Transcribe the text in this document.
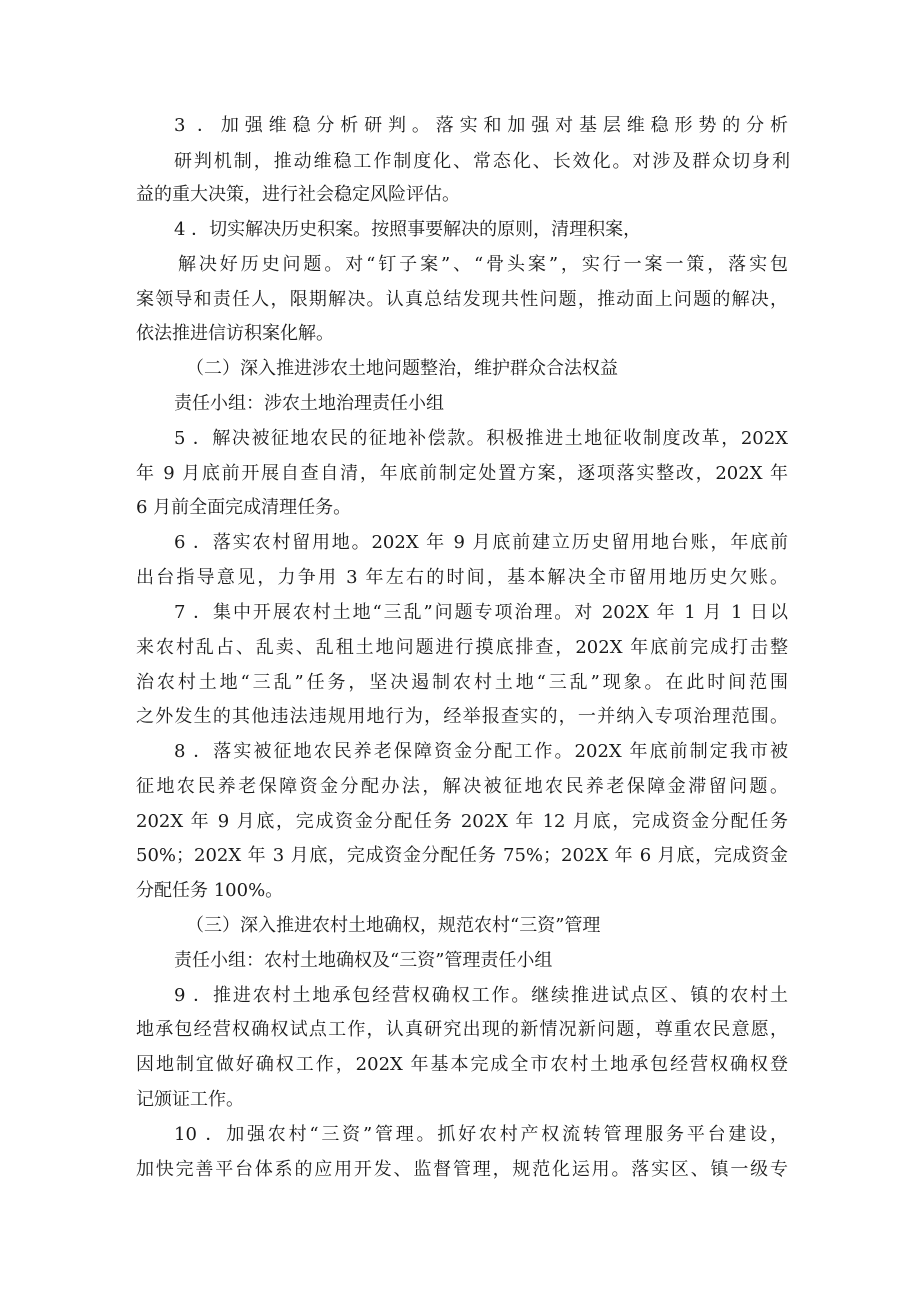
3 ．加强维稳分析研判。落实和加强对基层维稳形势的分析
研判机制，推动维稳工作制度化、常态化、长效化。对涉及群众切身利
益的重大决策，进行社会稳定风险评估。
4 ．切实解决历史积案。按照事要解决的原则，清理积案，
解决好历史问题。对“钉子案”、“骨头案”，实行一案一策，落实包
案领导和责任人，限期解决。认真总结发现共性问题，推动面上问题的解决，
依法推进信访积案化解。
（二）深入推进涉农土地问题整治，维护群众合法权益
责任小组：涉农土地治理责任小组
5 ．解决被征地农民的征地补偿款。积极推进土地征收制度改革，202X
年 9 月底前开展自查自清，年底前制定处置方案，逐项落实整改，202X 年
6 月前全面完成清理任务。
6 ．落实农村留用地。202X 年 9 月底前建立历史留用地台账，年底前
出台指导意见，力争用 3 年左右的时间，基本解决全市留用地历史欠账。
7 ．集中开展农村土地“三乱”问题专项治理。对 202X 年 1 月 1 日以
来农村乱占、乱卖、乱租土地问题进行摸底排查，202X 年底前完成打击整
治农村土地“三乱”任务，坚决遏制农村土地“三乱”现象。在此时间范围
之外发生的其他违法违规用地行为，经举报查实的，一并纳入专项治理范围。
8 ．落实被征地农民养老保障资金分配工作。202X 年底前制定我市被
征地农民养老保障资金分配办法，解决被征地农民养老保障金滞留问题。
202X 年 9 月底，完成资金分配任务 202X 年 12 月底，完成资金分配任务
50%；202X 年 3 月底，完成资金分配任务 75%；202X 年 6 月底，完成资金
分配任务 100%。
（三）深入推进农村土地确权，规范农村“三资”管理
责任小组：农村土地确权及“三资”管理责任小组
9 ．推进农村土地承包经营权确权工作。继续推进试点区、镇的农村土
地承包经营权确权试点工作，认真研究出现的新情况新问题，尊重农民意愿，
因地制宜做好确权工作，202X 年基本完成全市农村土地承包经营权确权登
记颁证工作。
10 ．加强农村“三资”管理。抓好农村产权流转管理服务平台建设，
加快完善平台体系的应用开发、监督管理，规范化运用。落实区、镇一级专
